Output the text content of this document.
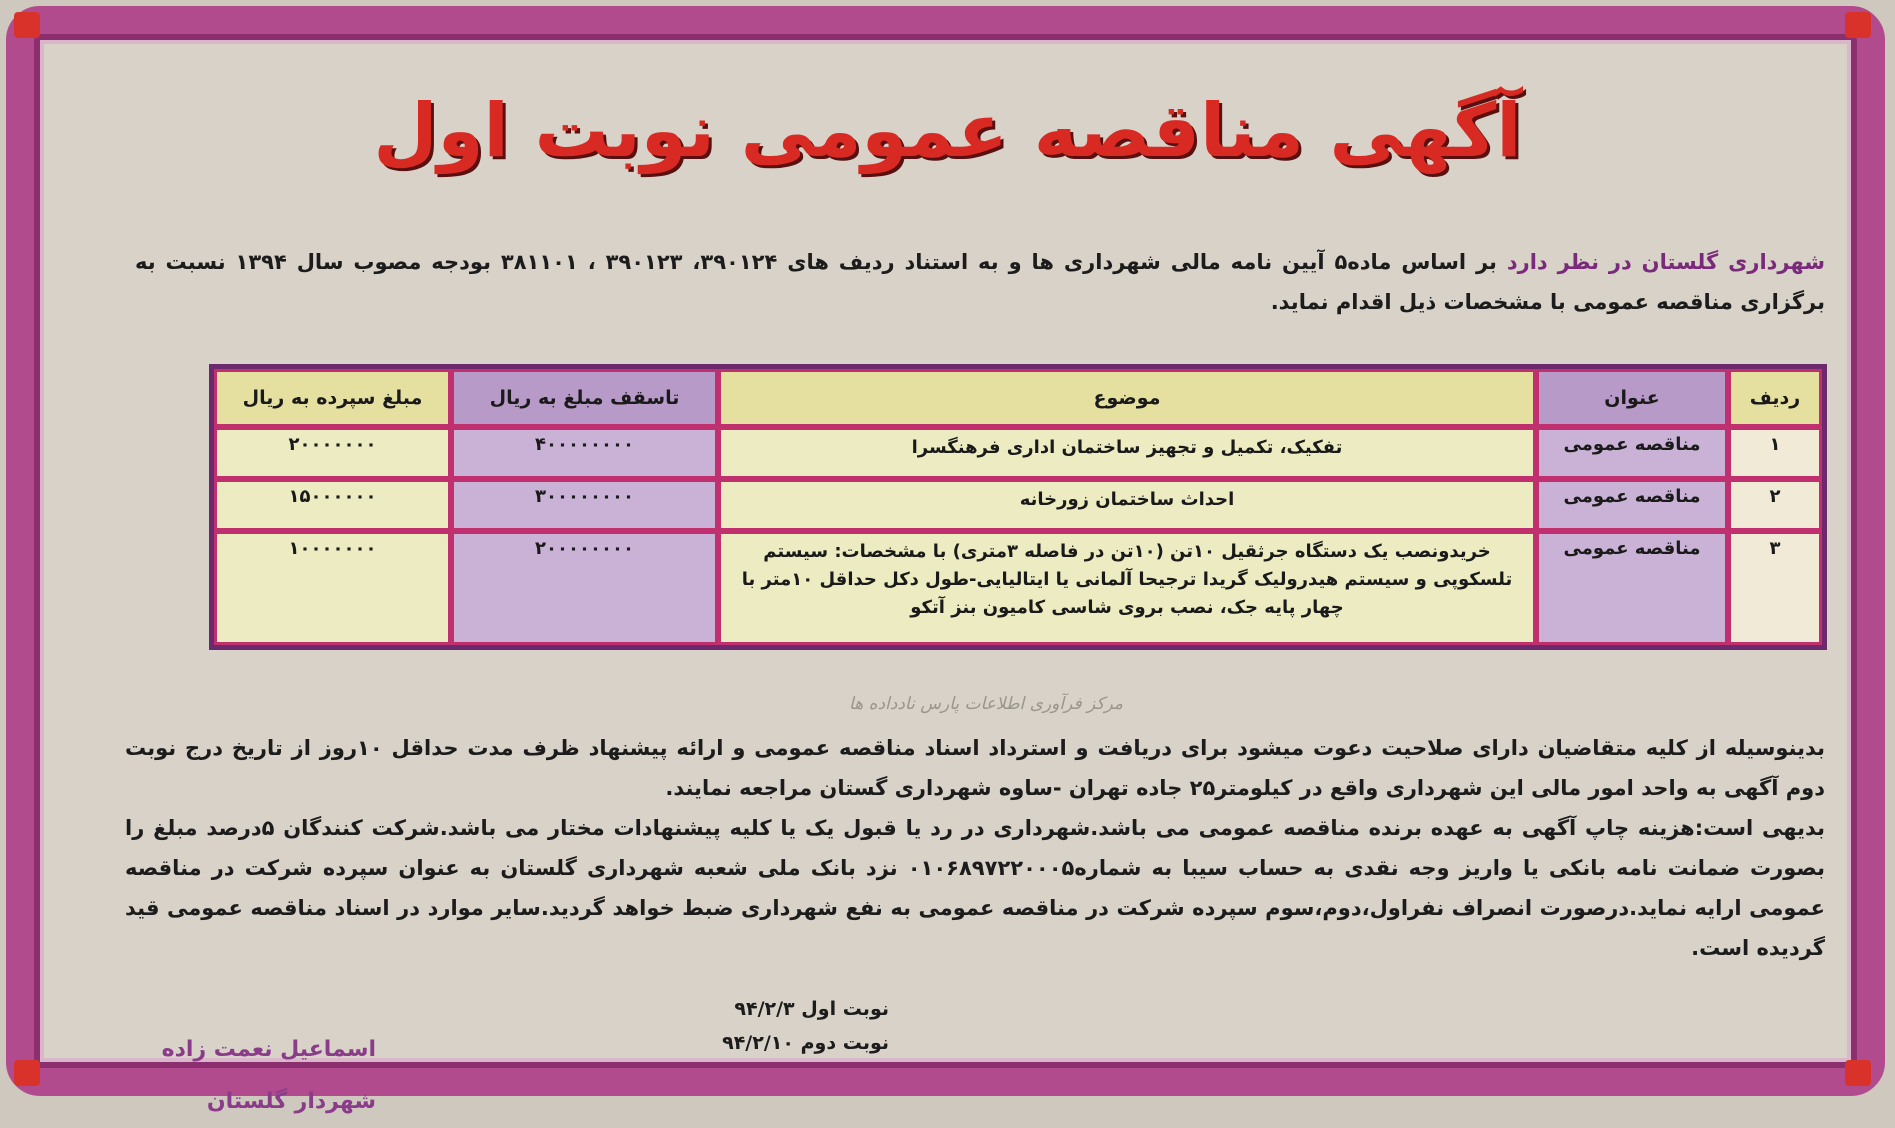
آگهی مناقصه عمومی نوبت اول
شهرداری گلستان در نظر دارد بر اساس ماده۵ آیین نامه مالی شهرداری ها و به استناد ردیف های ۳۹۰۱۲۴، ۳۹۰۱۲۳ ، ۳۸۱۱۰۱ بودجه مصوب سال ۱۳۹۴ نسبت به برگزاری مناقصه عمومی با مشخصات ذیل اقدام نماید.
ردیف	عنوان	موضوع	تاسقف مبلغ به ریال	مبلغ سپرده به ریال
۱	مناقصه عمومی	تفکیک، تکمیل و تجهیز ساختمان اداری فرهنگسرا	۴۰۰۰۰۰۰۰۰	۲۰۰۰۰۰۰۰
۲	مناقصه عمومی	احداث ساختمان زورخانه	۳۰۰۰۰۰۰۰۰	۱۵۰۰۰۰۰۰
۳	مناقصه عمومی	خریدونصب یک دستگاه جرثقیل ۱۰تن (۱۰تن در فاصله ۳متری) با مشخصات: سیستم تلسکوپی و سیستم هیدرولیک گریدا ترجیحا آلمانی یا ایتالیایی-طول دکل حداقل ۱۰متر با چهار پایه جک، نصب بروی شاسی کامیون بنز آتکو	۲۰۰۰۰۰۰۰۰	۱۰۰۰۰۰۰۰
مرکز فرآوری اطلاعات پارس نادداده ها

بدینوسیله از کلیه متقاضیان دارای صلاحیت دعوت میشود برای دریافت و استرداد اسناد مناقصه عمومی و ارائه پیشنهاد ظرف مدت حداقل ۱۰روز از تاریخ درج نوبت دوم آگهی به واحد امور مالی این شهرداری واقع در کیلومتر۲۵ جاده تهران -ساوه شهرداری گستان مراجعه نمایند.

بدیهی است:هزینه چاپ آگهی به عهده برنده مناقصه عمومی می باشد.شهرداری در رد یا قبول یک یا کلیه پیشنهادات مختار می باشد.شرکت کنندگان ۵درصد مبلغ را بصورت ضمانت نامه بانکی یا واریز وجه نقدی به حساب سیبا به شماره۰۱۰۶۸۹۷۲۲۰۰۰۵ نزد بانک ملی شعبه شهرداری گلستان به عنوان سپرده شرکت در مناقصه عمومی ارایه نماید.درصورت انصراف نفراول،دوم،سوم سپرده شرکت در مناقصه عمومی به نفع شهرداری ضبط خواهد گردید.سایر موارد در اسناد مناقصه عمومی قید گردیده است.

نوبت اول ۹۴/۲/۳
نوبت دوم ۹۴/۲/۱۰
اسماعیل نعمت زاده
شهردار گلستان
